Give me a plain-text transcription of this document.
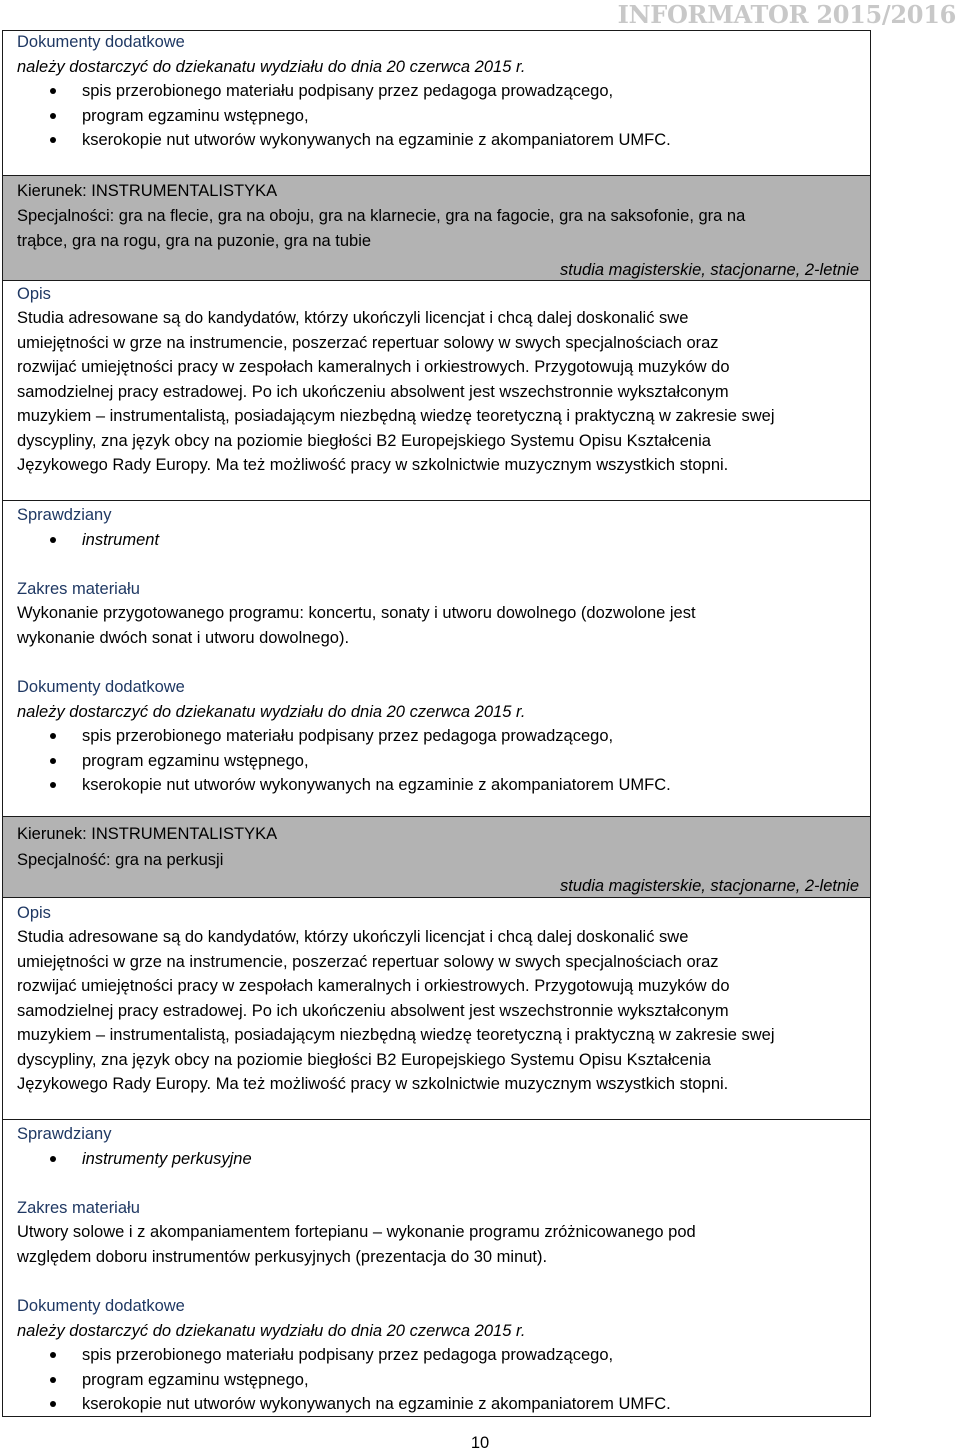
INFORMATOR 2015/2016
Dokumenty dodatkowe
należy dostarczyć do dziekanatu wydziału do dnia 20 czerwca 2015 r.
spis przerobionego materiału podpisany przez pedagoga prowadzącego,
program egzaminu wstępnego,
kserokopie nut utworów wykonywanych na egzaminie z akompaniatorem UMFC.
Kierunek: INSTRUMENTALISTYKA
Specjalności: gra na flecie, gra na oboju, gra na klarnecie, gra na fagocie, gra na saksofonie, gra na
trąbce, gra na rogu, gra na puzonie, gra na tubie
studia magisterskie, stacjonarne, 2-letnie
Opis
Studia adresowane są do kandydatów, którzy ukończyli licencjat i chcą dalej doskonalić swe
umiejętności w grze na instrumencie, poszerzać repertuar solowy w swych specjalnościach oraz
rozwijać umiejętności pracy w zespołach kameralnych i orkiestrowych. Przygotowują muzyków do
samodzielnej pracy estradowej. Po ich ukończeniu absolwent jest wszechstronnie wykształconym
muzykiem – instrumentalistą, posiadającym niezbędną wiedzę teoretyczną i praktyczną w zakresie swej
dyscypliny, zna język obcy na poziomie biegłości B2 Europejskiego Systemu Opisu Kształcenia
Językowego Rady Europy. Ma też możliwość pracy w szkolnictwie muzycznym wszystkich stopni.
Sprawdziany
instrument
Zakres materiału
Wykonanie przygotowanego programu: koncertu, sonaty i utworu dowolnego (dozwolone jest
wykonanie dwóch sonat i utworu dowolnego).
Dokumenty dodatkowe
należy dostarczyć do dziekanatu wydziału do dnia 20 czerwca 2015 r.
spis przerobionego materiału podpisany przez pedagoga prowadzącego,
program egzaminu wstępnego,
kserokopie nut utworów wykonywanych na egzaminie z akompaniatorem UMFC.
Kierunek: INSTRUMENTALISTYKA
Specjalność: gra na perkusji
studia magisterskie, stacjonarne, 2-letnie
Opis
Studia adresowane są do kandydatów, którzy ukończyli licencjat i chcą dalej doskonalić swe
umiejętności w grze na instrumencie, poszerzać repertuar solowy w swych specjalnościach oraz
rozwijać umiejętności pracy w zespołach kameralnych i orkiestrowych. Przygotowują muzyków do
samodzielnej pracy estradowej. Po ich ukończeniu absolwent jest wszechstronnie wykształconym
muzykiem – instrumentalistą, posiadającym niezbędną wiedzę teoretyczną i praktyczną w zakresie swej
dyscypliny, zna język obcy na poziomie biegłości B2 Europejskiego Systemu Opisu Kształcenia
Językowego Rady Europy. Ma też możliwość pracy w szkolnictwie muzycznym wszystkich stopni.
Sprawdziany
instrumenty perkusyjne
Zakres materiału
Utwory solowe i z akompaniamentem fortepianu – wykonanie programu zróżnicowanego pod
względem doboru instrumentów perkusyjnych (prezentacja do 30 minut).
Dokumenty dodatkowe
należy dostarczyć do dziekanatu wydziału do dnia 20 czerwca 2015 r.
spis przerobionego materiału podpisany przez pedagoga prowadzącego,
program egzaminu wstępnego,
kserokopie nut utworów wykonywanych na egzaminie z akompaniatorem UMFC.
10
